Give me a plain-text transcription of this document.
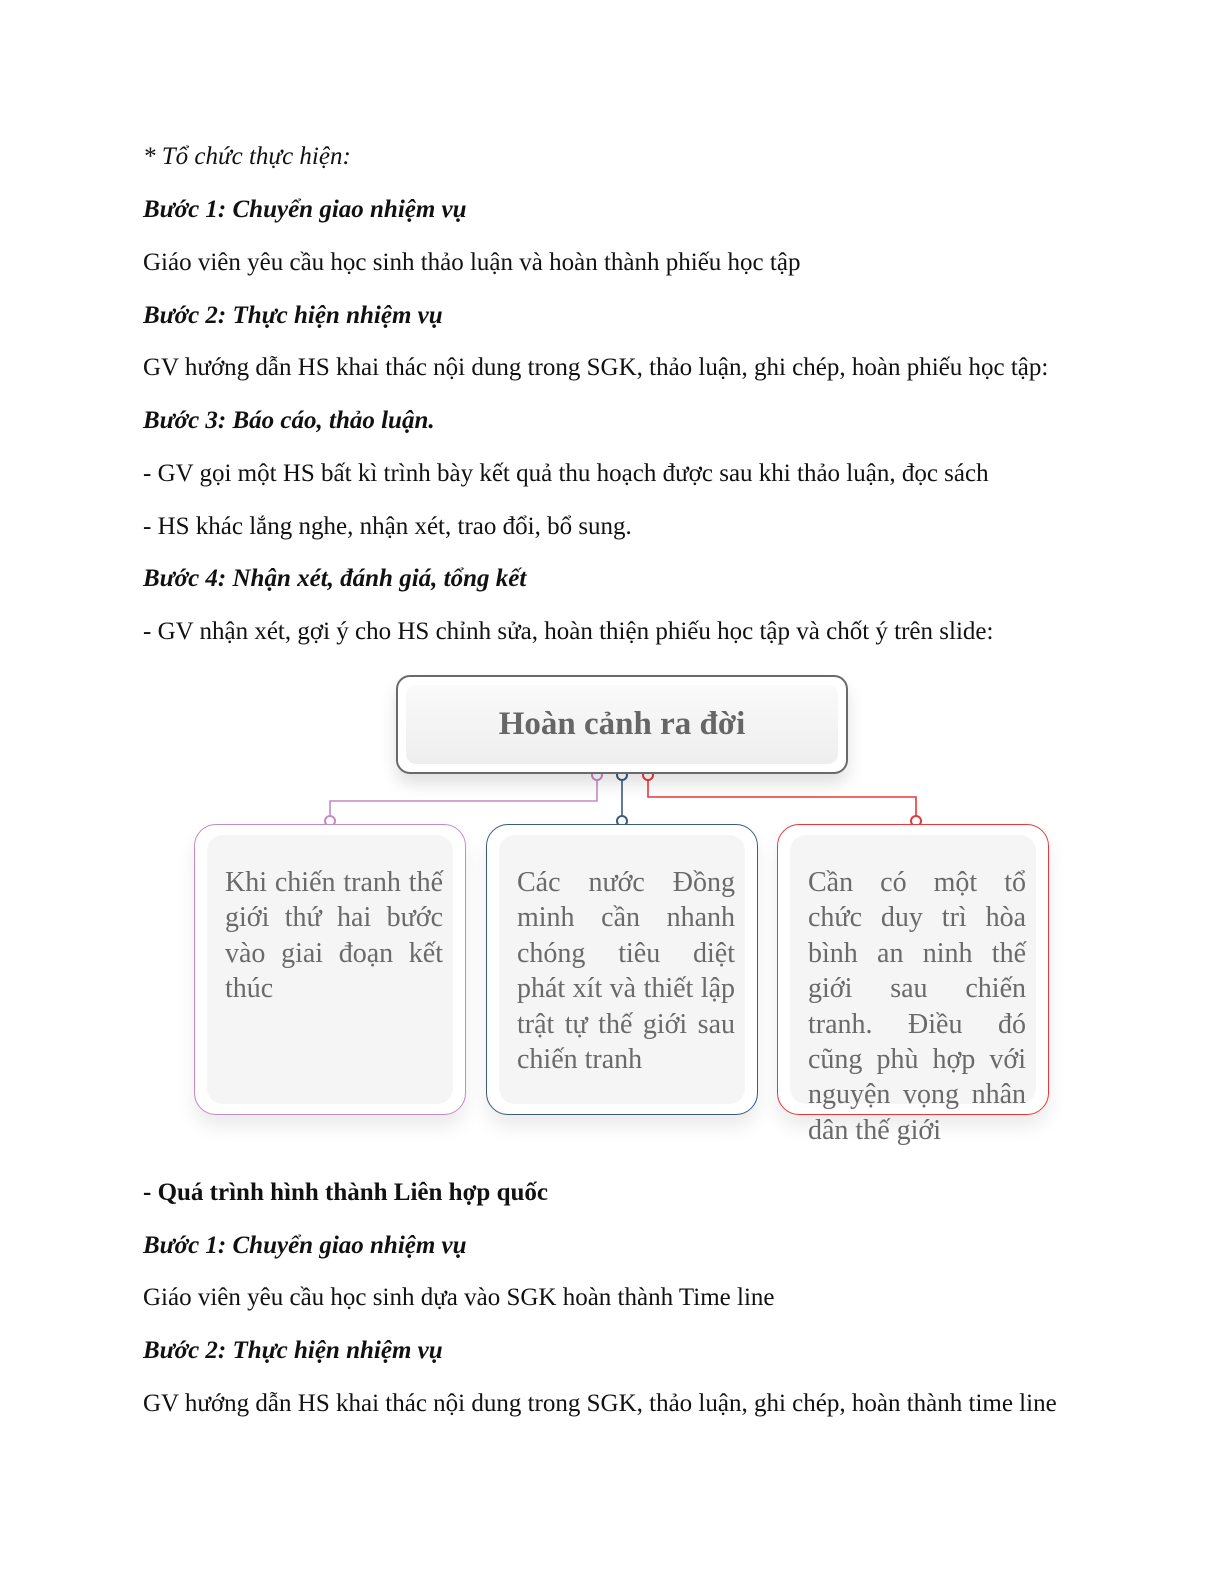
* Tổ chức thực hiện:
Bước 1: Chuyển giao nhiệm vụ
Giáo viên yêu cầu học sinh thảo luận và hoàn thành phiếu học tập
Bước 2: Thực hiện nhiệm vụ
GV hướng dẫn HS khai thác nội dung trong SGK, thảo luận, ghi chép, hoàn phiếu học tập:
Bước 3: Báo cáo, thảo luận.
- GV gọi một HS bất kì trình bày kết quả thu hoạch được sau khi thảo luận, đọc sách
- HS khác lắng nghe, nhận xét, trao đổi, bổ sung.
Bước 4: Nhận xét, đánh giá, tổng kết
- GV nhận xét, gợi ý cho HS chỉnh sửa, hoàn thiện phiếu học tập và chốt ý trên slide:
Hoàn cảnh ra đời
Khi chiến tranh thế giới thứ hai bước vào giai đoạn kết thúc
Các nước Đồng minh cần nhanh chóng tiêu diệt phát xít và thiết lập trật tự thế giới sau chiến tranh
Cần có một tổ chức duy trì hòa bình an ninh thế giới sau chiến tranh. Điều đó cũng phù hợp với nguyện vọng nhân dân thế giới
- Quá trình hình thành Liên hợp quốc
Bước 1: Chuyển giao nhiệm vụ
Giáo viên yêu cầu học sinh dựa vào SGK hoàn thành Time line
Bước 2: Thực hiện nhiệm vụ
GV hướng dẫn HS khai thác nội dung trong SGK, thảo luận, ghi chép, hoàn thành time line
